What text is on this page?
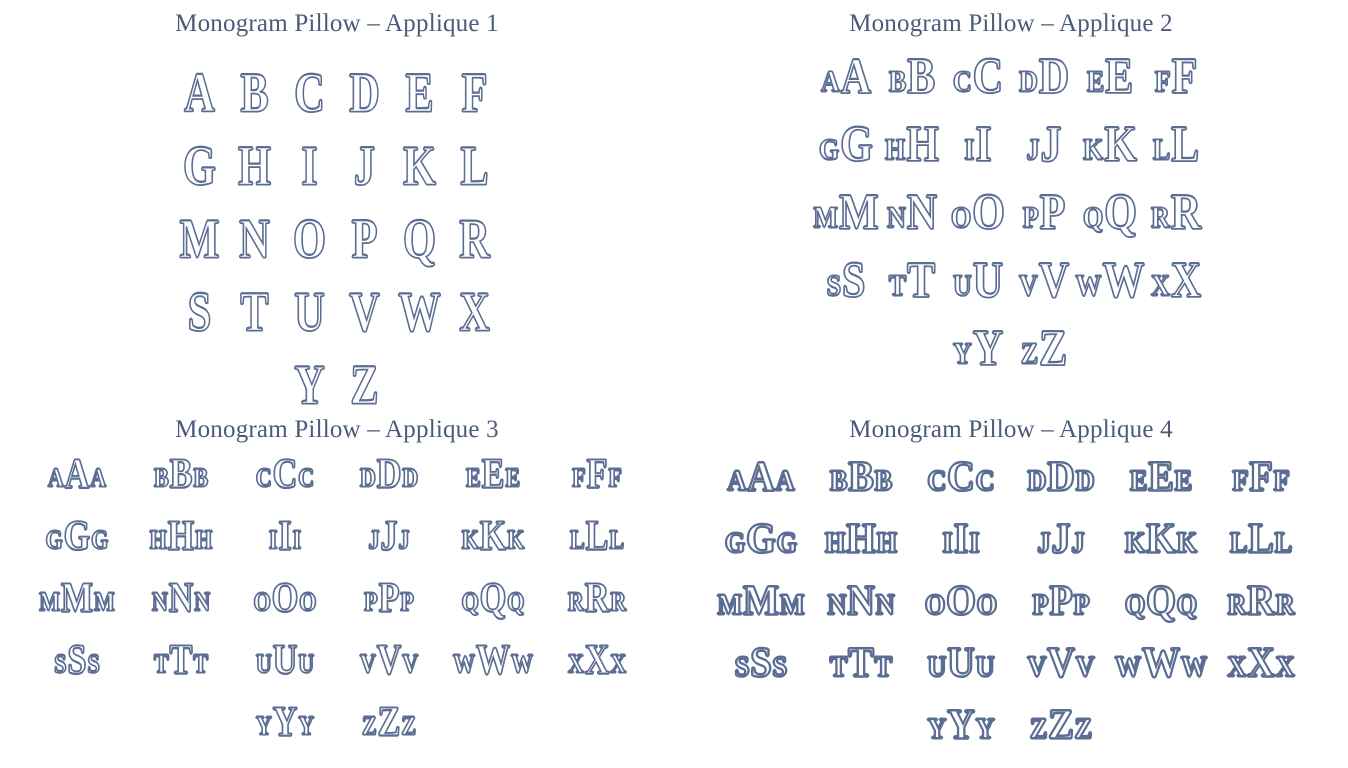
Monogram Pillow – Applique 1
A B C D E F
G H I J K L
M N O P Q R
S T U V W X
Y Z
Monogram Pillow – Applique 2
A A B B C C D D E E F F
G G H H I I J J K K L L
M M N N O O P P Q Q R R
S S T T U U V V W W X X
Y Y Z Z
Monogram Pillow – Applique 3
A A A B B B C C C D D D E E E F F F
G G G H H H	I I I	J J J K K K L L L
M M M N N N O O O P P P Q Q Q R R R
S S S T T T U U U V V V W W W X X X
Y Y Y Z Z Z
Monogram Pillow – Applique 4
A A A B B B C C C D D D E E E F F F
G G G H H H I I I J J J K K K L L L
M M M N N N O O O P P P Q Q Q R R R
S S S T T T U U U V V V W W W X X X
Y Y Y Z Z Z
